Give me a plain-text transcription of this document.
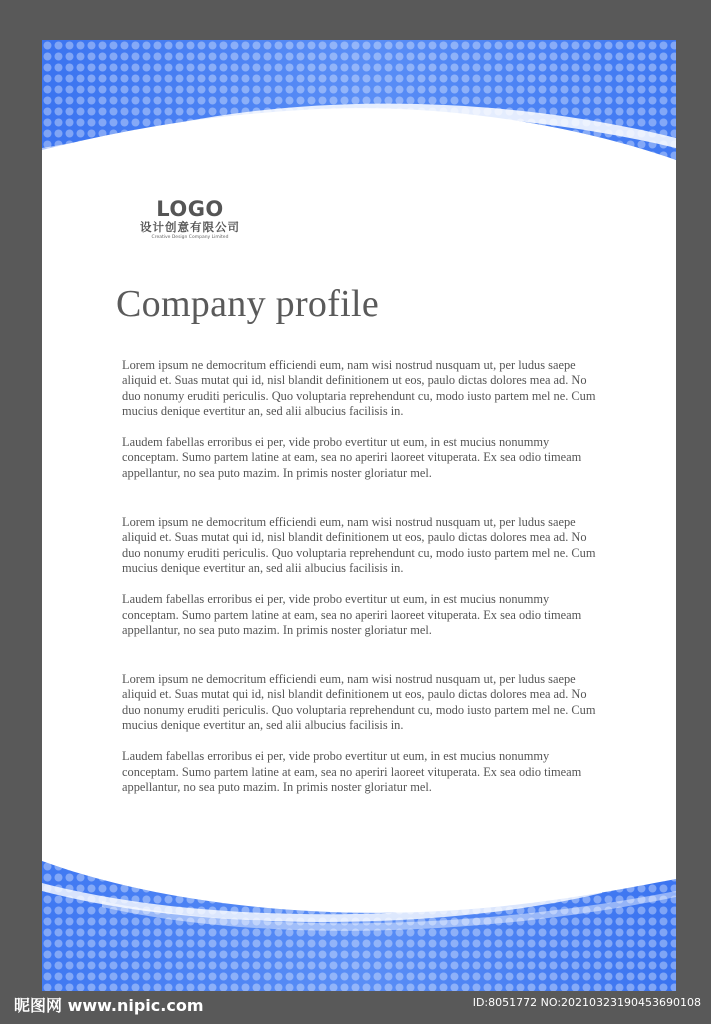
LOGO
设计创意有限公司
Creative Design Company Limited
Company profile

Lorem ipsum ne democritum efficiendi eum, nam wisi nostrud nusquam ut, per ludus saepe aliquid et. Suas mutat qui id, nisl blandit definitionem ut eos, paulo dictas dolores mea ad. No duo nonumy eruditi periculis. Quo voluptaria reprehendunt cu, modo iusto partem mel ne. Cum mucius denique evertitur an, sed alii albucius facilisis in.

Laudem fabellas erroribus ei per, vide probo evertitur ut eum, in est mucius nonummy conceptam. Sumo partem latine at eam, sea no aperiri laoreet vituperata. Ex sea odio timeam appellantur, no sea puto mazim. In primis noster gloriatur mel.

Lorem ipsum ne democritum efficiendi eum, nam wisi nostrud nusquam ut, per ludus saepe aliquid et. Suas mutat qui id, nisl blandit definitionem ut eos, paulo dictas dolores mea ad. No duo nonumy eruditi periculis. Quo voluptaria reprehendunt cu, modo iusto partem mel ne. Cum mucius denique evertitur an, sed alii albucius facilisis in.

Laudem fabellas erroribus ei per, vide probo evertitur ut eum, in est mucius nonummy conceptam. Sumo partem latine at eam, sea no aperiri laoreet vituperata. Ex sea odio timeam appellantur, no sea puto mazim. In primis noster gloriatur mel.

Lorem ipsum ne democritum efficiendi eum, nam wisi nostrud nusquam ut, per ludus saepe aliquid et. Suas mutat qui id, nisl blandit definitionem ut eos, paulo dictas dolores mea ad. No duo nonumy eruditi periculis. Quo voluptaria reprehendunt cu, modo iusto partem mel ne. Cum mucius denique evertitur an, sed alii albucius facilisis in.

Laudem fabellas erroribus ei per, vide probo evertitur ut eum, in est mucius nonummy conceptam. Sumo partem latine at eam, sea no aperiri laoreet vituperata. Ex sea odio timeam appellantur, no sea puto mazim. In primis noster gloriatur mel.

昵图网 www.nipic.com	ID:8051772 NO:20210323190453690108
